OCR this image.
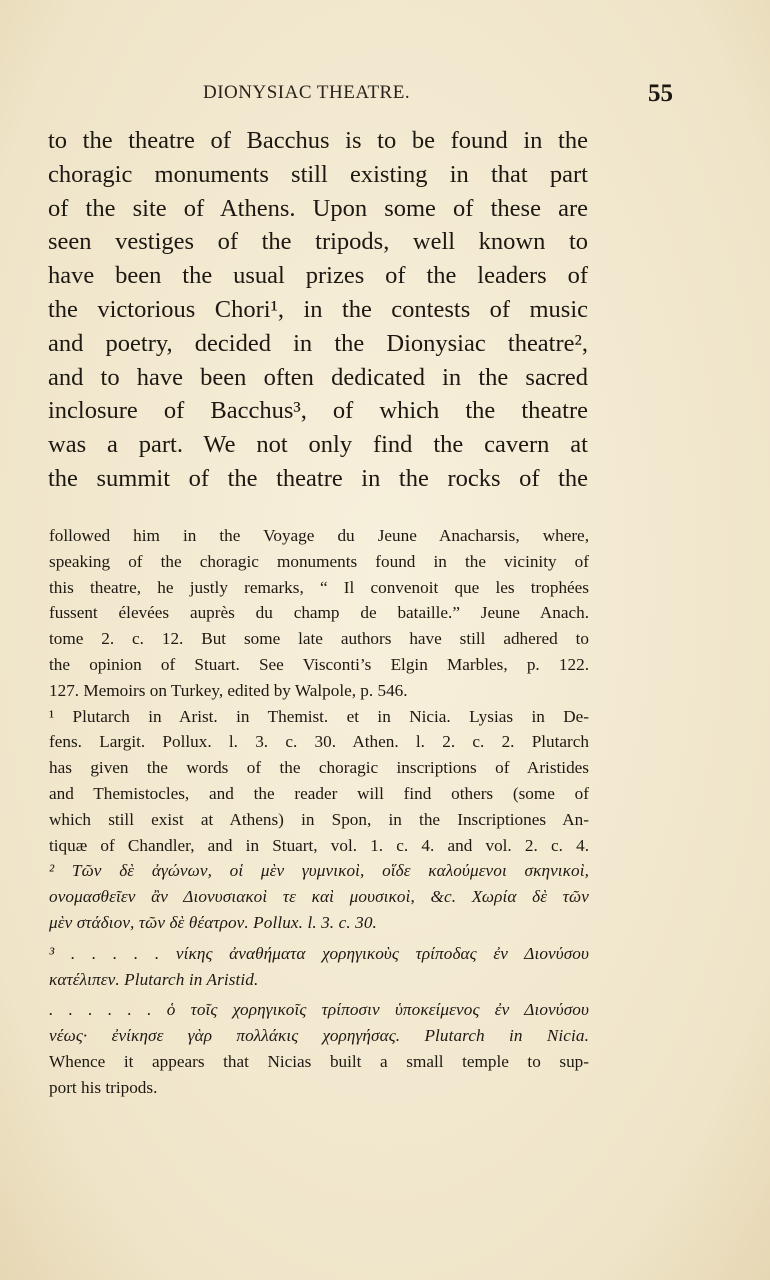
DIONYSIAC THEATRE.	55
to the theatre of Bacchus is to be found in the
choragic monuments still existing in that part
of the site of Athens. Upon some of these are
seen vestiges of the tripods, well known to
have been the usual prizes of the leaders of
the victorious Chori¹, in the contests of music
and poetry, decided in the Dionysiac theatre²,
and to have been often dedicated in the sacred
inclosure of Bacchus³, of which the theatre
was a part. We not only find the cavern at
the summit of the theatre in the rocks of the
followed him in the Voyage du Jeune Anacharsis, where,
speaking of the choragic monuments found in the vicinity of
this theatre, he justly remarks, “ Il convenoit que les trophées
fussent élevées auprès du champ de bataille.” Jeune Anach.
tome 2. c. 12. But some late authors have still adhered to
the opinion of Stuart. See Visconti’s Elgin Marbles, p. 122.
127. Memoirs on Turkey, edited by Walpole, p. 546.
¹ Plutarch in Arist. in Themist. et in Nicia. Lysias in De-
fens. Largit. Pollux. l. 3. c. 30. Athen. l. 2. c. 2. Plutarch
has given the words of the choragic inscriptions of Aristides
and Themistocles, and the reader will find others (some of
which still exist at Athens) in Spon, in the Inscriptiones An-
tiquæ of Chandler, and in Stuart, vol. 1. c. 4. and vol. 2. c. 4.
² Τῶν δὲ ἀγώνων, οἱ μὲν γυμνικοὶ, οἵδε καλούμενοι σκηνικοὶ,
ονομασθεῖεν ἂν Διονυσιακοὶ τε καὶ μουσικοὶ, &c. Χωρία δὲ τῶν
μὲν στάδιον, τῶν δὲ θέατρον. Pollux. l. 3. c. 30.
³ . . . . . νίκης ἀναθήματα χορηγικοὺς τρίποδας ἐν Διονύσου
κατέλιπεν. Plutarch in Aristid.
. . . . . . ὁ τοῖς χορηγικοῖς τρίποσιν ὑποκείμενος ἐν Διονύσου
νέως· ἐνίκησε γὰρ πολλάκις χορηγήσας. Plutarch in Nicia.
Whence it appears that Nicias built a small temple to sup-
port his tripods.
